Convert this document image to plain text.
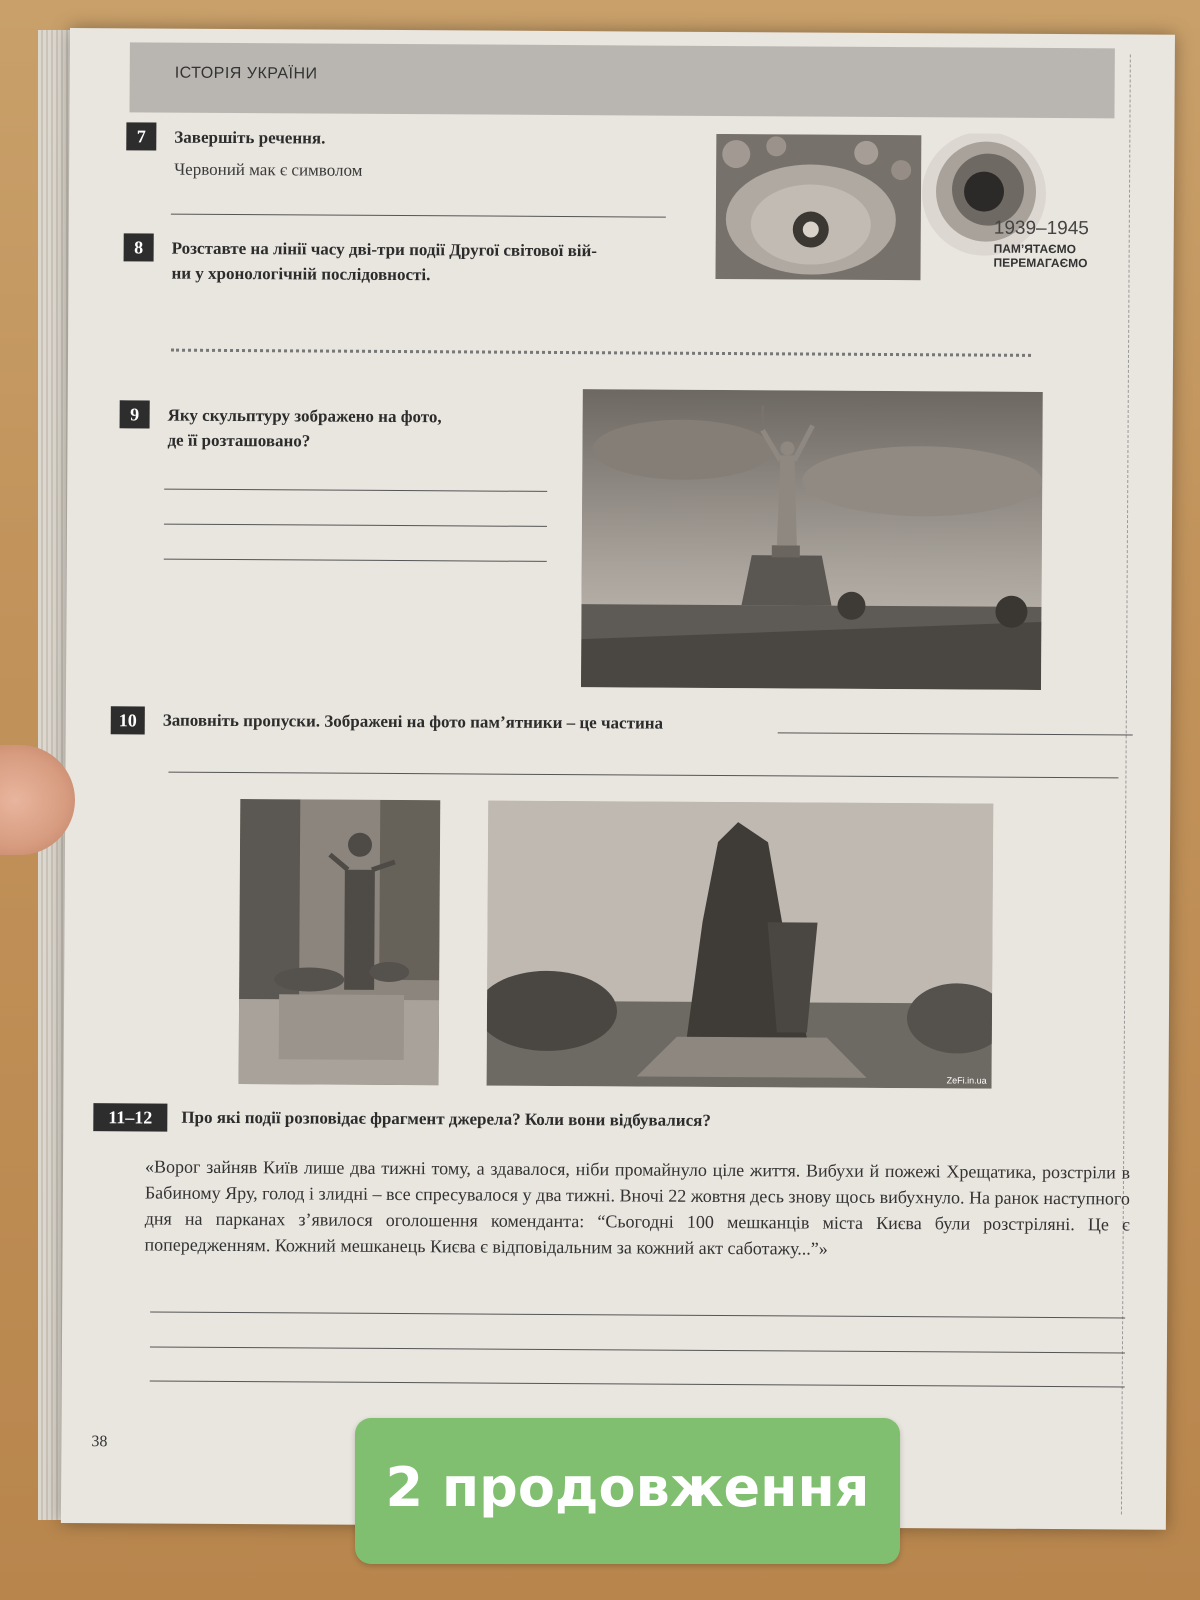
ІСТОРІЯ УКРАЇНИ
7	Завершіть речення.
Червоний мак є символом
1939–1945
ПАМ’ЯТАЄМО
ПЕРЕМАГАЄМО
8	Розставте на лінії часу дві-три події Другої світової вій-
ни у хронологічній послідовності.
9	Яку скульптуру зображено на фото,
де її розташовано?
10	Заповніть пропуски. Зображені на фото пам’ятники – це частина
ZeFi.in.ua
11–12	Про які події розповідає фрагмент джерела? Коли вони відбувалися?
«Ворог зайняв Київ лише два тижні тому, а здавалося, ніби промайнуло ціле життя. Вибухи й пожежі Хрещатика, розстріли в Бабиному Яру, голод і злидні – все спресувалося у два тижні. Вночі 22 жовтня десь знову щось вибухнуло. На ранок наступного дня на парканах з’явилося оголошення коменданта: “Сьогодні 100 мешканців міста Києва були розстріляні. Це є попередженням. Кожний мешканець Києва є відповідальним за кожний акт саботажу...”»
38
2 продовження
